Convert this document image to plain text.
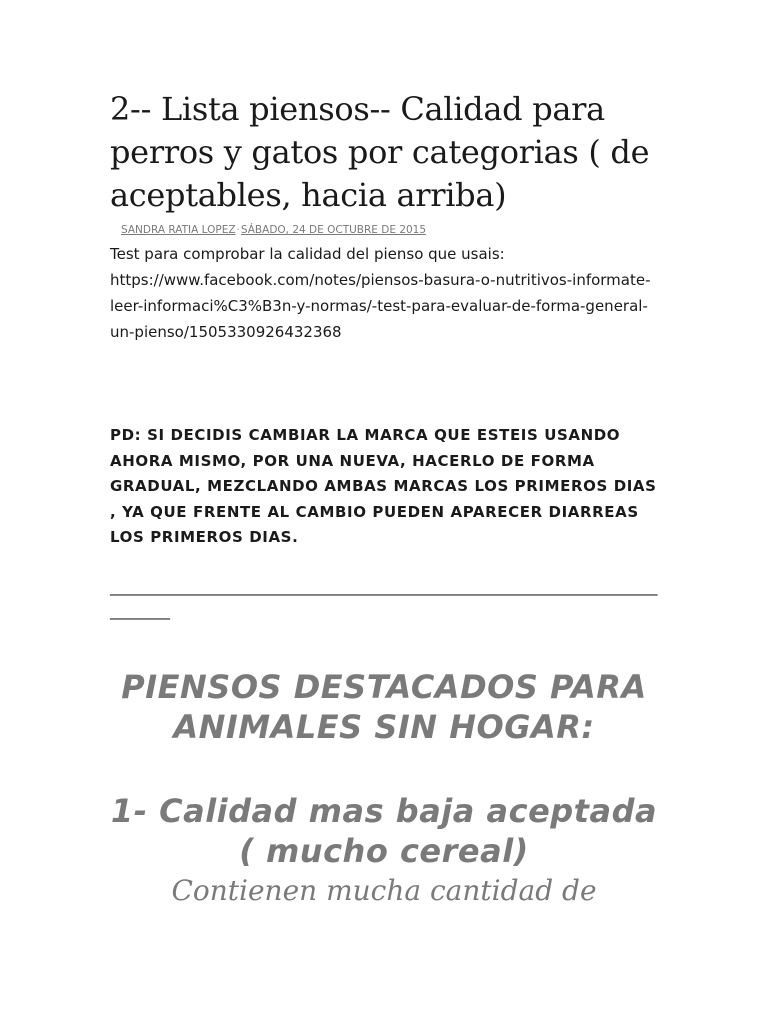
2-- Lista piensos-- Calidad para perros y gatos por categorias ( de aceptables, hacia arriba)
SANDRA RATIA LOPEZ·SÁBADO, 24 DE OCTUBRE DE 2015

Test para comprobar la calidad del pienso que usais: https://www.facebook.com/notes/piensos-basura-o-nutritivos-informate-leer-informaci%C3%B3n-y-normas/-test-para-evaluar-de-forma-general-un-pienso/1505330926432368

PD: SI DECIDIS CAMBIAR LA MARCA QUE ESTEIS USANDO AHORA MISMO, POR UNA NUEVA, HACERLO DE FORMA GRADUAL, MEZCLANDO AMBAS MARCAS LOS PRIMEROS DIAS , YA QUE FRENTE AL CAMBIO PUEDEN APARECER DIARREAS LOS PRIMEROS DIAS.

_________________________________________________________________________________
PIENSOS DESTACADOS PARA ANIMALES SIN HOGAR:
1- Calidad mas baja aceptada ( mucho cereal)

Contienen mucha cantidad de
